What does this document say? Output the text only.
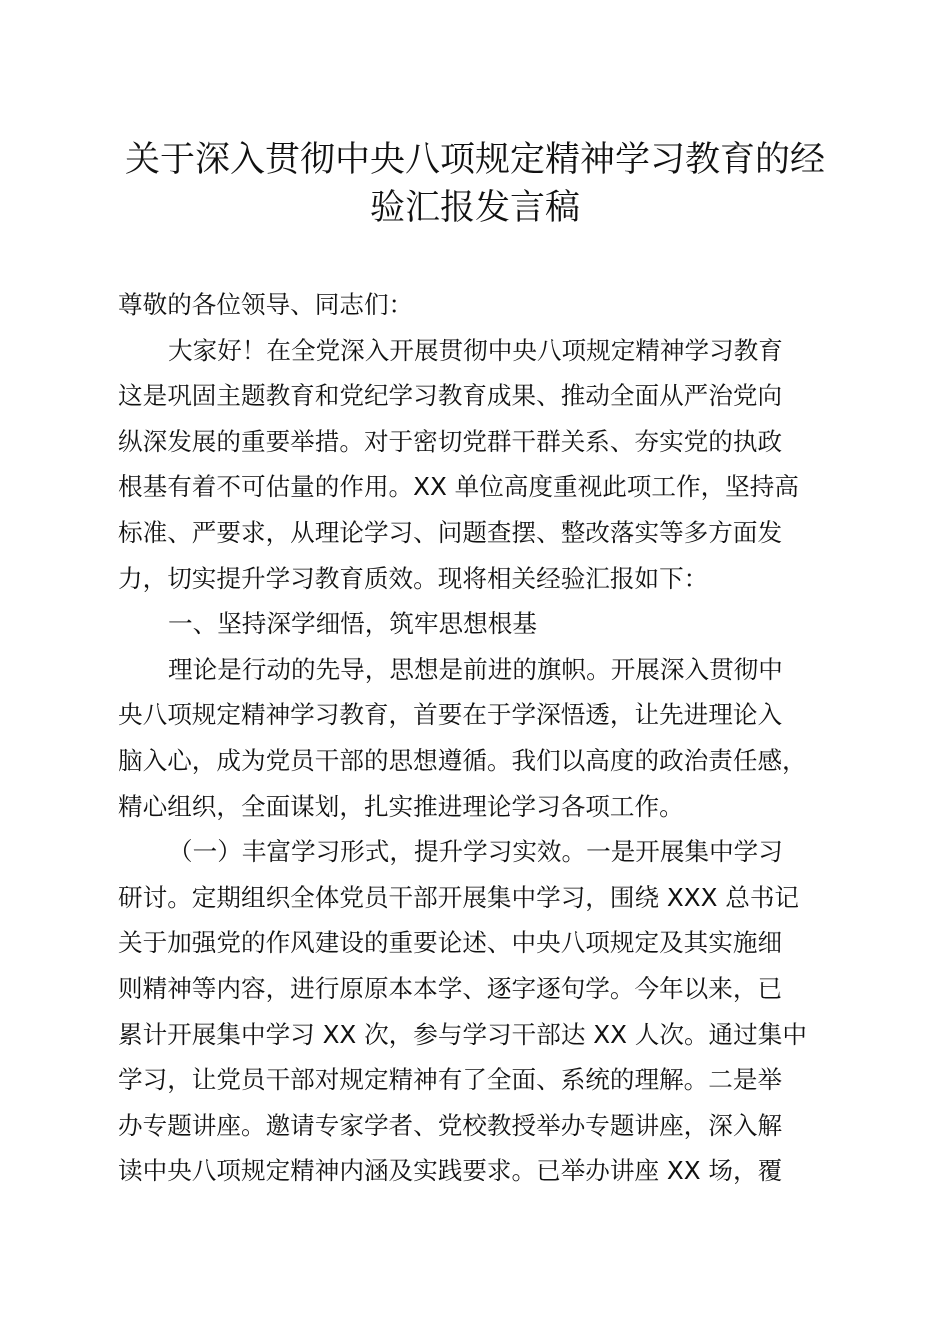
关于深入贯彻中央八项规定精神学习教育的经
验汇报发言稿

尊敬的各位领导、同志们：

大家好！在全党深入开展贯彻中央八项规定精神学习教育

这是巩固主题教育和党纪学习教育成果、推动全面从严治党向

纵深发展的重要举措。对于密切党群干群关系、夯实党的执政

根基有着不可估量的作用。XX 单位高度重视此项工作，坚持高

标准、严要求，从理论学习、问题查摆、整改落实等多方面发

力，切实提升学习教育质效。现将相关经验汇报如下：

一、坚持深学细悟，筑牢思想根基

理论是行动的先导，思想是前进的旗帜。开展深入贯彻中

央八项规定精神学习教育，首要在于学深悟透，让先进理论入

脑入心，成为党员干部的思想遵循。我们以高度的政治责任感，

精心组织，全面谋划，扎实推进理论学习各项工作。

（一）丰富学习形式，提升学习实效。一是开展集中学习

研讨。定期组织全体党员干部开展集中学习，围绕 XXX 总书记

关于加强党的作风建设的重要论述、中央八项规定及其实施细

则精神等内容，进行原原本本学、逐字逐句学。今年以来，已

累计开展集中学习 XX 次，参与学习干部达 XX 人次。通过集中

学习，让党员干部对规定精神有了全面、系统的理解。二是举

办专题讲座。邀请专家学者、党校教授举办专题讲座，深入解

读中央八项规定精神内涵及实践要求。已举办讲座 XX 场，覆
